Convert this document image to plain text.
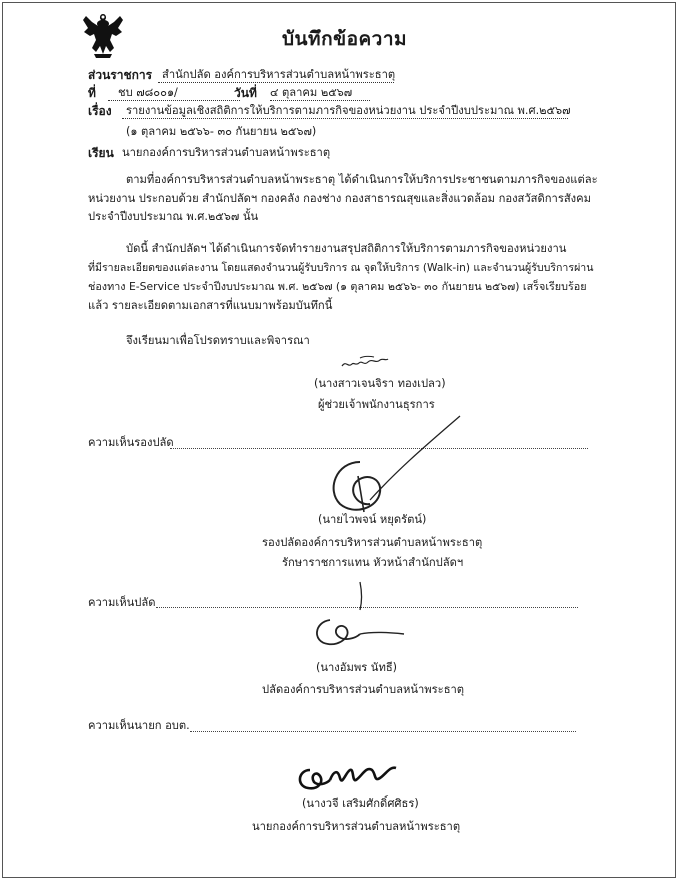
บันทึกข้อความ
ส่วนราชการ สำนักปลัด องค์การบริหารส่วนตำบลหน้าพระธาตุ
ที่	ชบ ๗๘๐๐๑/	วันที่ ๔ ตุลาคม ๒๕๖๗
เรื่อง	รายงานข้อมูลเชิงสถิติการให้บริการตามภารกิจของหน่วยงาน ประจำปีงบประมาณ พ.ศ.๒๕๖๗
(๑ ตุลาคม ๒๕๖๖- ๓๐ กันยายน ๒๕๖๗)
เรียน นายกองค์การบริหารส่วนตำบลหน้าพระธาตุ
ตามที่องค์การบริหารส่วนตำบลหน้าพระธาตุ ได้ดำเนินการให้บริการประชาชนตามภารกิจของแต่ละ
หน่วยงาน ประกอบด้วย สำนักปลัดฯ กองคลัง กองช่าง กองสาธารณสุขและสิ่งแวดล้อม กองสวัสดิการสังคม
ประจำปีงบประมาณ พ.ศ.๒๕๖๗ นั้น
บัดนี้ สำนักปลัดฯ ได้ดำเนินการจัดทำรายงานสรุปสถิติการให้บริการตามภารกิจของหน่วยงาน
ที่มีรายละเอียดของแต่ละงาน โดยแสดงจำนวนผู้รับบริการ ณ จุดให้บริการ (Walk-in) และจำนวนผู้รับบริการผ่าน
ช่องทาง E-Service ประจำปีงบประมาณ พ.ศ. ๒๕๖๗ (๑ ตุลาคม ๒๕๖๖- ๓๐ กันยายน ๒๕๖๗) เสร็จเรียบร้อย
แล้ว รายละเอียดตามเอกสารที่แนบมาพร้อมบันทึกนี้
จึงเรียนมาเพื่อโปรดทราบและพิจารณา
(นางสาวเจนจิรา ทองเปลว)
ผู้ช่วยเจ้าพนักงานธุรการ
ความเห็นรองปลัด
(นายไวพจน์ หยุดรัตน์)
รองปลัดองค์การบริหารส่วนตำบลหน้าพระธาตุ
รักษาราชการแทน หัวหน้าสำนักปลัดฯ
ความเห็นปลัด
(นางอัมพร นัทธี)
ปลัดองค์การบริหารส่วนตำบลหน้าพระธาตุ
ความเห็นนายก อบต.
(นางวจี เสริมศักดิ์ศศิธร)
นายกองค์การบริหารส่วนตำบลหน้าพระธาตุ
